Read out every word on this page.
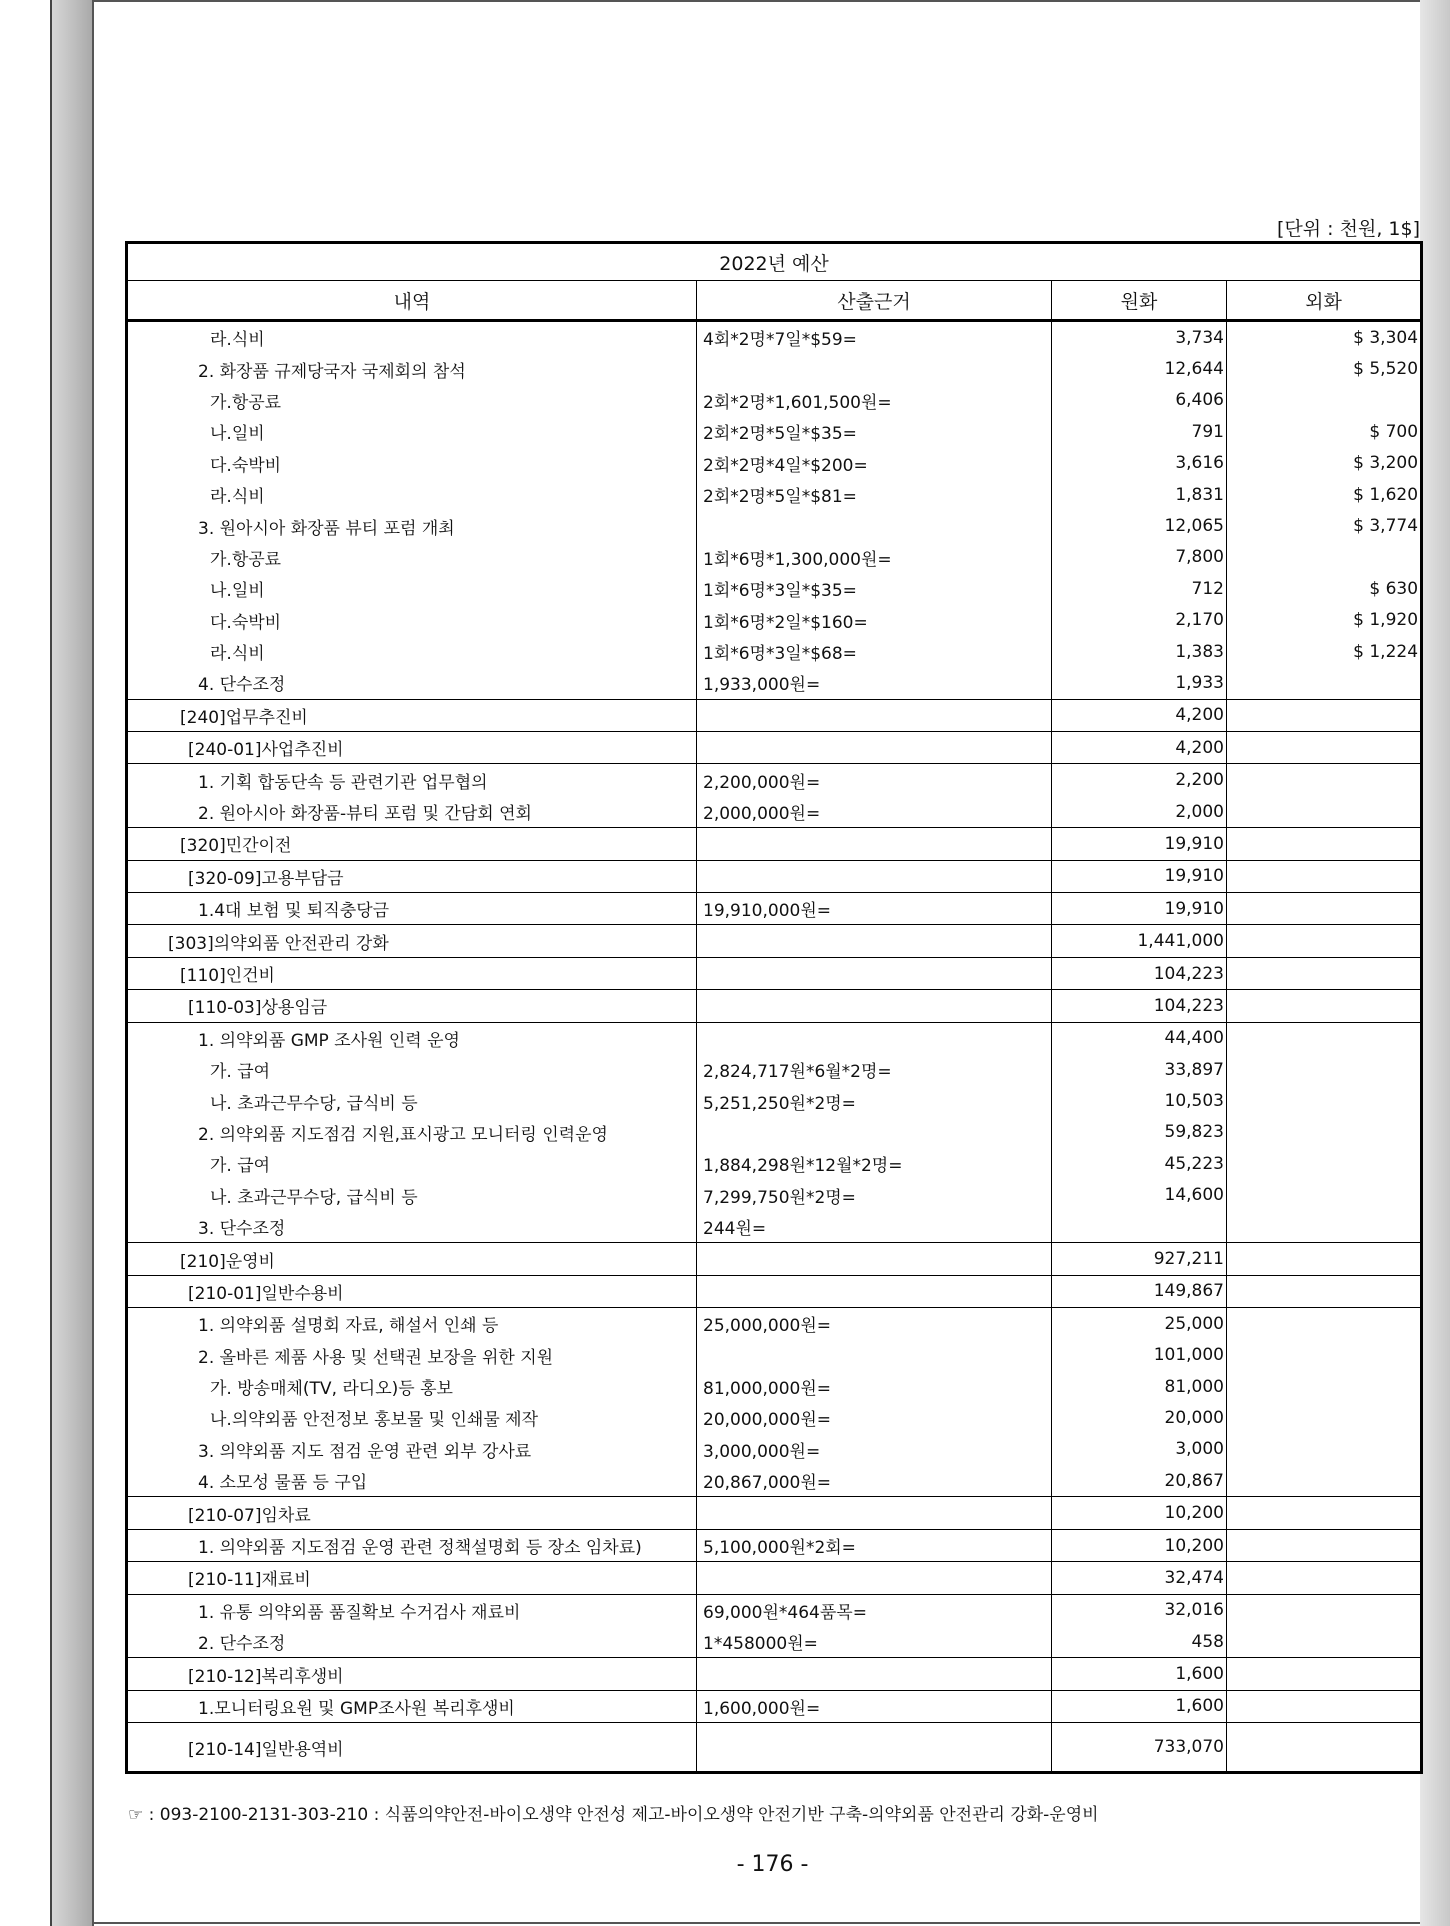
[단위 : 천원, 1$]
2022년 예산			
내역	산출근거	원화	외화
라.식비	4회*2명*7일*$59=	3,734	$ 3,304
2. 화장품 규제당국자 국제회의 참석		12,644	$ 5,520
가.항공료	2회*2명*1,601,500원=	6,406	
나.일비	2회*2명*5일*$35=	791	$ 700
다.숙박비	2회*2명*4일*$200=	3,616	$ 3,200
라.식비	2회*2명*5일*$81=	1,831	$ 1,620
3. 원아시아 화장품 뷰티 포럼 개최		12,065	$ 3,774
가.항공료	1회*6명*1,300,000원=	7,800	
나.일비	1회*6명*3일*$35=	712	$ 630
다.숙박비	1회*6명*2일*$160=	2,170	$ 1,920
라.식비	1회*6명*3일*$68=	1,383	$ 1,224
4. 단수조정	1,933,000원=	1,933	
[240]업무추진비		4,200	
[240-01]사업추진비		4,200	
1. 기획 합동단속 등 관련기관 업무협의	2,200,000원=	2,200	
2. 원아시아 화장품-뷰티 포럼 및 간담회 연회	2,000,000원=	2,000	
[320]민간이전		19,910	
[320-09]고용부담금		19,910	
1.4대 보험 및 퇴직충당금	19,910,000원=	19,910	
[303]의약외품 안전관리 강화		1,441,000	
[110]인건비		104,223	
[110-03]상용임금		104,223	
1. 의약외품 GMP 조사원 인력 운영		44,400	
가. 급여	2,824,717원*6월*2명=	33,897	
나. 초과근무수당, 급식비 등	5,251,250원*2명=	10,503	
2. 의약외품 지도점검 지원,표시광고 모니터링 인력운영		59,823	
가. 급여	1,884,298원*12월*2명=	45,223	
나. 초과근무수당, 급식비 등	7,299,750원*2명=	14,600	
3. 단수조정	244원=		
[210]운영비		927,211	
[210-01]일반수용비		149,867	
1. 의약외품 설명회 자료, 해설서 인쇄 등	25,000,000원=	25,000	
2. 올바른 제품 사용 및 선택권 보장을 위한 지원		101,000	
가. 방송매체(TV, 라디오)등 홍보	81,000,000원=	81,000	
나.의약외품 안전정보 홍보물 및 인쇄물 제작	20,000,000원=	20,000	
3. 의약외품 지도 점검 운영 관련 외부 강사료	3,000,000원=	3,000	
4. 소모성 물품 등 구입	20,867,000원=	20,867	
[210-07]임차료		10,200	
1. 의약외품 지도점검 운영 관련 정책설명회 등 장소 임차료)	5,100,000원*2회=	10,200	
[210-11]재료비		32,474	
1. 유통 의약외품 품질확보 수거검사 재료비	69,000원*464품목=	32,016	
2. 단수조정	1*458000원=	458	
[210-12]복리후생비		1,600	
1.모니터링요원 및 GMP조사원 복리후생비	1,600,000원=	1,600	
[210-14]일반용역비		733,070	
☞ : 093-2100-2131-303-210 : 식품의약안전-바이오생약 안전성 제고-바이오생약 안전기반 구축-의약외품 안전관리 강화-운영비
- 176 -
